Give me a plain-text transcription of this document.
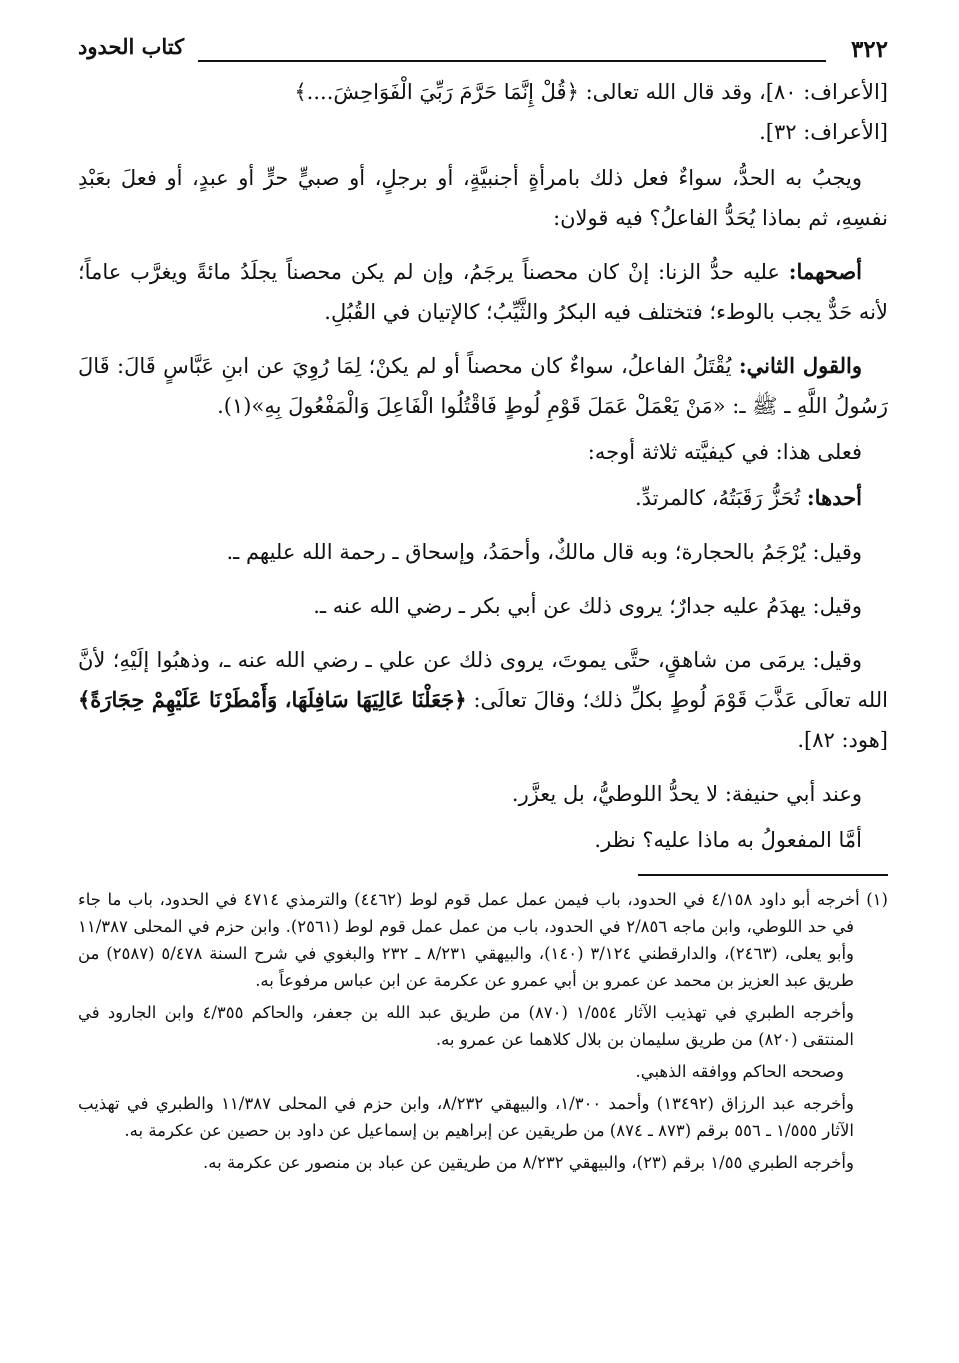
٣٢٢
كتاب الحدود

[الأعراف: ٨٠]، وقد قال الله تعالى: ﴿قُلْ إِنَّمَا حَرَّمَ رَبِّيَ الْفَوَاحِشَ....﴾
[الأعراف: ٣٢].

ويجبُ به الحدُّ، سواءٌ فعل ذلك بامرأةٍ أجنبيَّةٍ، أو برجلٍ، أو صبيٍّ حرٍّ أو عبدٍ، أو فعلَ بعَبْدِ نفسِهِ، ثم بماذا يُحَدُّ الفاعلُ؟ فيه قولان:

أصحهما: عليه حدُّ الزنا: إنْ كان محصناً يرجَمُ، وإن لم يكن محصناً يجلَدُ مائةً ويغرَّب عاماً؛ لأنه حَدٌّ يجب بالوطء؛ فتختلف فيه البكرُ والثَّيِّبُ؛ كالإتيان في القُبُلِ.

والقول الثاني: يُقْتَلُ الفاعلُ، سواءٌ كان محصناً أو لم يكنْ؛ لِمَا رُوِيَ عن ابنِ عَبَّاسٍ قَالَ: قَالَ رَسُولُ اللَّهِ ـ ﷺ ـ: «مَنْ يَعْمَلْ عَمَلَ قَوْمِ لُوطٍ فَاقْتُلُوا الْفَاعِلَ وَالْمَفْعُولَ بِهِ»(١).

فعلى هذا: في كيفيَّته ثلاثة أوجه:

أحدها: تُحَزُّ رَقَبَتُهُ، كالمرتدِّ.

وقيل: يُرْجَمُ بالحجارة؛ وبه قال مالكٌ، وأحمَدُ، وإسحاق ـ رحمة الله عليهم ـ.

وقيل: يهدَمُ عليه جدارٌ؛ يروى ذلك عن أبي بكر ـ رضي الله عنه ـ.

وقيل: يرمَى من شاهقٍ، حتَّى يموتَ، يروى ذلك عن علي ـ رضي الله عنه ـ، وذهبُوا إلَيْهِ؛ لأنَّ الله تعالَى عَذَّبَ قَوْمَ لُوطٍ بكلِّ ذلك؛ وقالَ تعالَى: ﴿جَعَلْنَا عَالِيَهَا سَافِلَهَا، وَأَمْطَرْنَا عَلَيْهِمْ حِجَارَةً﴾ [هود: ٨٢].

وعند أبي حنيفة: لا يحدُّ اللوطيُّ، بل يعزَّر.

أمَّا المفعولُ به ماذا عليه؟ نظر.

(١) أخرجه أبو داود ٤/١٥٨ في الحدود، باب فيمن عمل عمل قوم لوط (٤٤٦٢) والترمذي ٤٧١٤ في الحدود، باب ما جاء في حد اللوطي، وابن ماجه ٢/٨٥٦ في الحدود، باب من عمل عمل قوم لوط (٢٥٦١). وابن حزم في المحلى ١١/٣٨٧ وأبو يعلى، (٢٤٦٣)، والدارقطني ٣/١٢٤ (١٤٠)، والبيهقي ٨/٢٣١ ـ ٢٣٢ والبغوي في شرح السنة ٥/٤٧٨ (٢٥٨٧) من طريق عبد العزيز بن محمد عن عمرو بن أبي عمرو عن عكرمة عن ابن عباس مرفوعاً به.

وأخرجه الطبري في تهذيب الآثار ١/٥٥٤ (٨٧٠) من طريق عبد الله بن جعفر، والحاكم ٤/٣٥٥ وابن الجارود في المنتقى (٨٢٠) من طريق سليمان بن بلال كلاهما عن عمرو به.

وصححه الحاكم ووافقه الذهبي.

وأخرجه عبد الرزاق (١٣٤٩٢) وأحمد ١/٣٠٠، والبيهقي ٨/٢٣٢، وابن حزم في المحلى ١١/٣٨٧ والطبري في تهذيب الآثار ١/٥٥٥ ـ ٥٥٦ برقم (٨٧٣ ـ ٨٧٤) من طريقين عن إبراهيم بن إسماعيل عن داود بن حصين عن عكرمة به.

وأخرجه الطبري ١/٥٥ برقم (٢٣)، والبيهقي ٨/٢٣٢ من طريقين عن عباد بن منصور عن عكرمة به.
